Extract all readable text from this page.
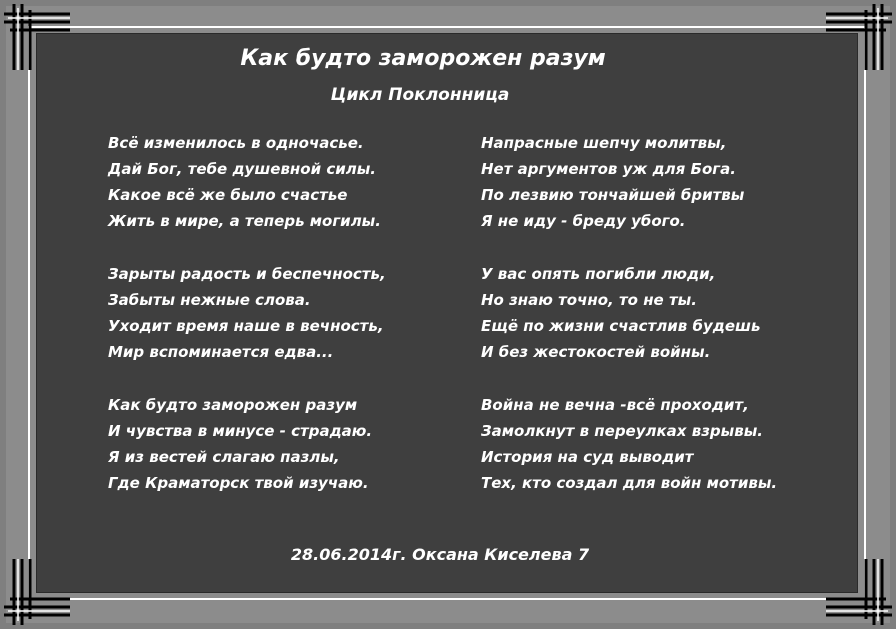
Как будто заморожен разум
Цикл Поклонница
Всё изменилось в одночасье.
Дай Бог, тебе душевной силы.
Какое всё же было счастье
Жить в мире, а теперь могилы.
Зарыты радость и беспечность,
Забыты нежные слова.
Уходит время наше в вечность,
Мир вспоминается едва...
Как будто заморожен разум
И чувства в минусе - страдаю.
Я из вестей слагаю пазлы,
Где Краматорск твой изучаю.
Напрасные шепчу молитвы,
Нет аргументов уж для Бога.
По лезвию тончайшей бритвы
Я не иду - бреду убого.
У вас опять погибли люди,
Но знаю точно, то не ты.
Ещё по жизни счастлив будешь
И без жестокостей войны.
Война не вечна -всё проходит,
Замолкнут в переулках взрывы.
История на суд выводит
Тех, кто создал для войн мотивы.
28.06.2014г. Оксана Киселева 7
